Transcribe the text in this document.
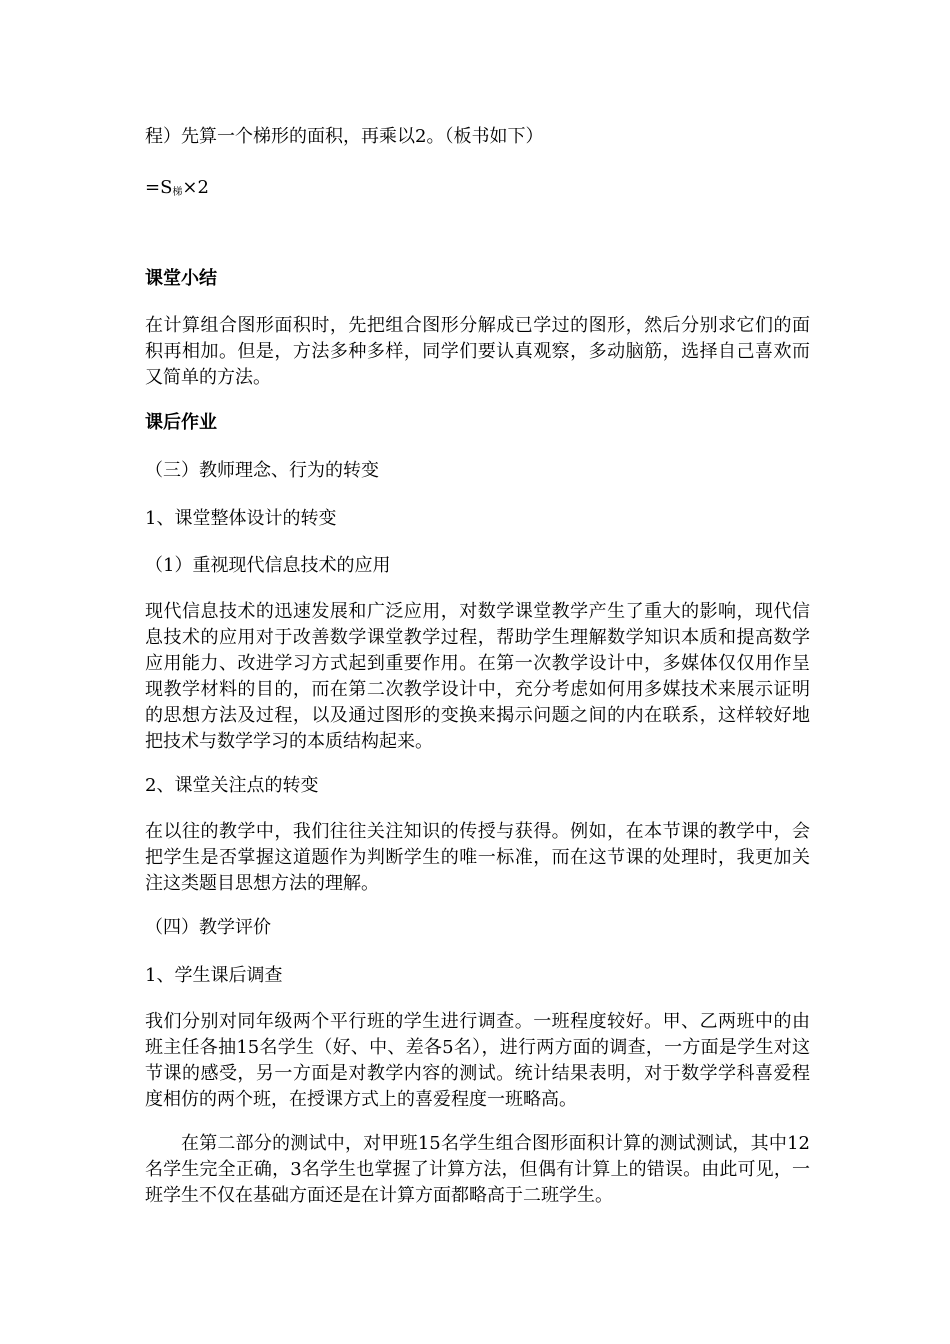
程）先算一个梯形的面积，再乘以2。（板书如下）
$=S_梯\times 2$
课堂小结
在计算组合图形面积时，先把组合图形分解成已学过的图形，然后分别求它们的面积再相加。但是，方法多种多样，同学们要认真观察，多动脑筋，选择自己喜欢而又简单的方法。
课后作业
（三）教师理念、行为的转变
1、课堂整体设计的转变
（1）重视现代信息技术的应用
现代信息技术的迅速发展和广泛应用，对数学课堂教学产生了重大的影响，现代信息技术的应用对于改善数学课堂教学过程，帮助学生理解数学知识本质和提高数学应用能力、改进学习方式起到重要作用。在第一次教学设计中，多媒体仅仅用作呈现教学材料的目的，而在第二次教学设计中，充分考虑如何用多媒技术来展示证明的思想方法及过程，以及通过图形的变换来揭示问题之间的内在联系，这样较好地把技术与数学学习的本质结构起来。
2、课堂关注点的转变
在以往的教学中，我们往往关注知识的传授与获得。例如，在本节课的教学中，会把学生是否掌握这道题作为判断学生的唯一标准，而在这节课的处理时，我更加关注这类题目思想方法的理解。
（四）教学评价
1、学生课后调查
我们分别对同年级两个平行班的学生进行调查。一班程度较好。甲、乙两班中的由班主任各抽15名学生（好、中、差各5名），进行两方面的调查，一方面是学生对这节课的感受，另一方面是对教学内容的测试。统计结果表明，对于数学学科喜爱程度相仿的两个班，在授课方式上的喜爱程度一班略高。
在第二部分的测试中，对甲班15名学生组合图形面积计算的测试测试，其中12名学生完全正确，3名学生也掌握了计算方法，但偶有计算上的错误。由此可见，一班学生不仅在基础方面还是在计算方面都略高于二班学生。
